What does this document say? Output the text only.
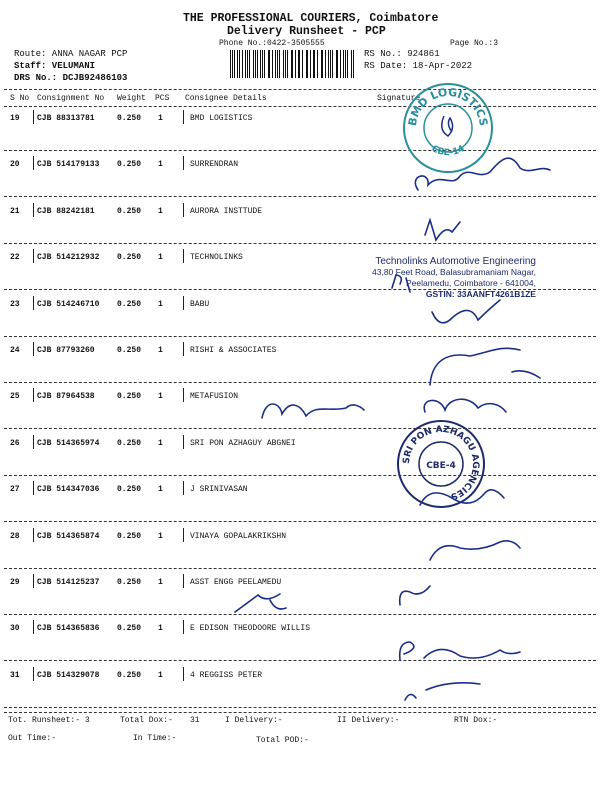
THE PROFESSIONAL COURIERS, Coimbatore
Delivery Runsheet - PCP
Phone No.:0422-3505555	Page No.:3
Route: ANNA NAGAR PCP
Staff: VELUMANI
DRS No.: DCJB92486103
RS No.: 924861
RS Date: 18-Apr-2022
S No Consignment No Weight PCS Consignee Details	Signature
19 CJB 88313781	0.250 1	BMD LOGISTICS
20 CJB 514179133 0.250 1	SURRENDRAN
21 CJB 88242181	0.250 1	AURORA INSTTUDE
22 CJB 514212932 0.250 1	TECHNOLINKS
23 CJB 514246710 0.250 1	BABU
24 CJB 87793260	0.250 1	RISHI & ASSOCIATES
25 CJB 87964538	0.250 1	METAFUSION
26 CJB 514365974 0.250 1	SRI PON AZHAGUY ABGNEI
27 CJB 514347036 0.250 1	J SRINIVASAN
28 CJB 514365874 0.250 1	VINAYA GOPALAKRIKSHN
29 CJB 514125237 0.250 1	ASST ENGG PEELAMEDU
30 CJB 514365836 0.250 1	E EDISON THEODOORE WILLIS
31 CJB 514329078 0.250 1	4 REGGISS PETER
BMD LOGISTICS
CBE-14
Technolinks Automotive Engineering
43,80 Feet Road, Balasubramaniam Nagar,
Peelamedu, Coimbatore - 641004,
GSTIN: 33AANFT4261B1ZE
SRI PON AZHAGU AGENCIES
CBE-4
Tot. Runsheet:- 3	Total Dox:- 31	I Delivery:-	II Delivery:-	RTN Dox:-
Out Time:-	In Time:-	Total POD:-
